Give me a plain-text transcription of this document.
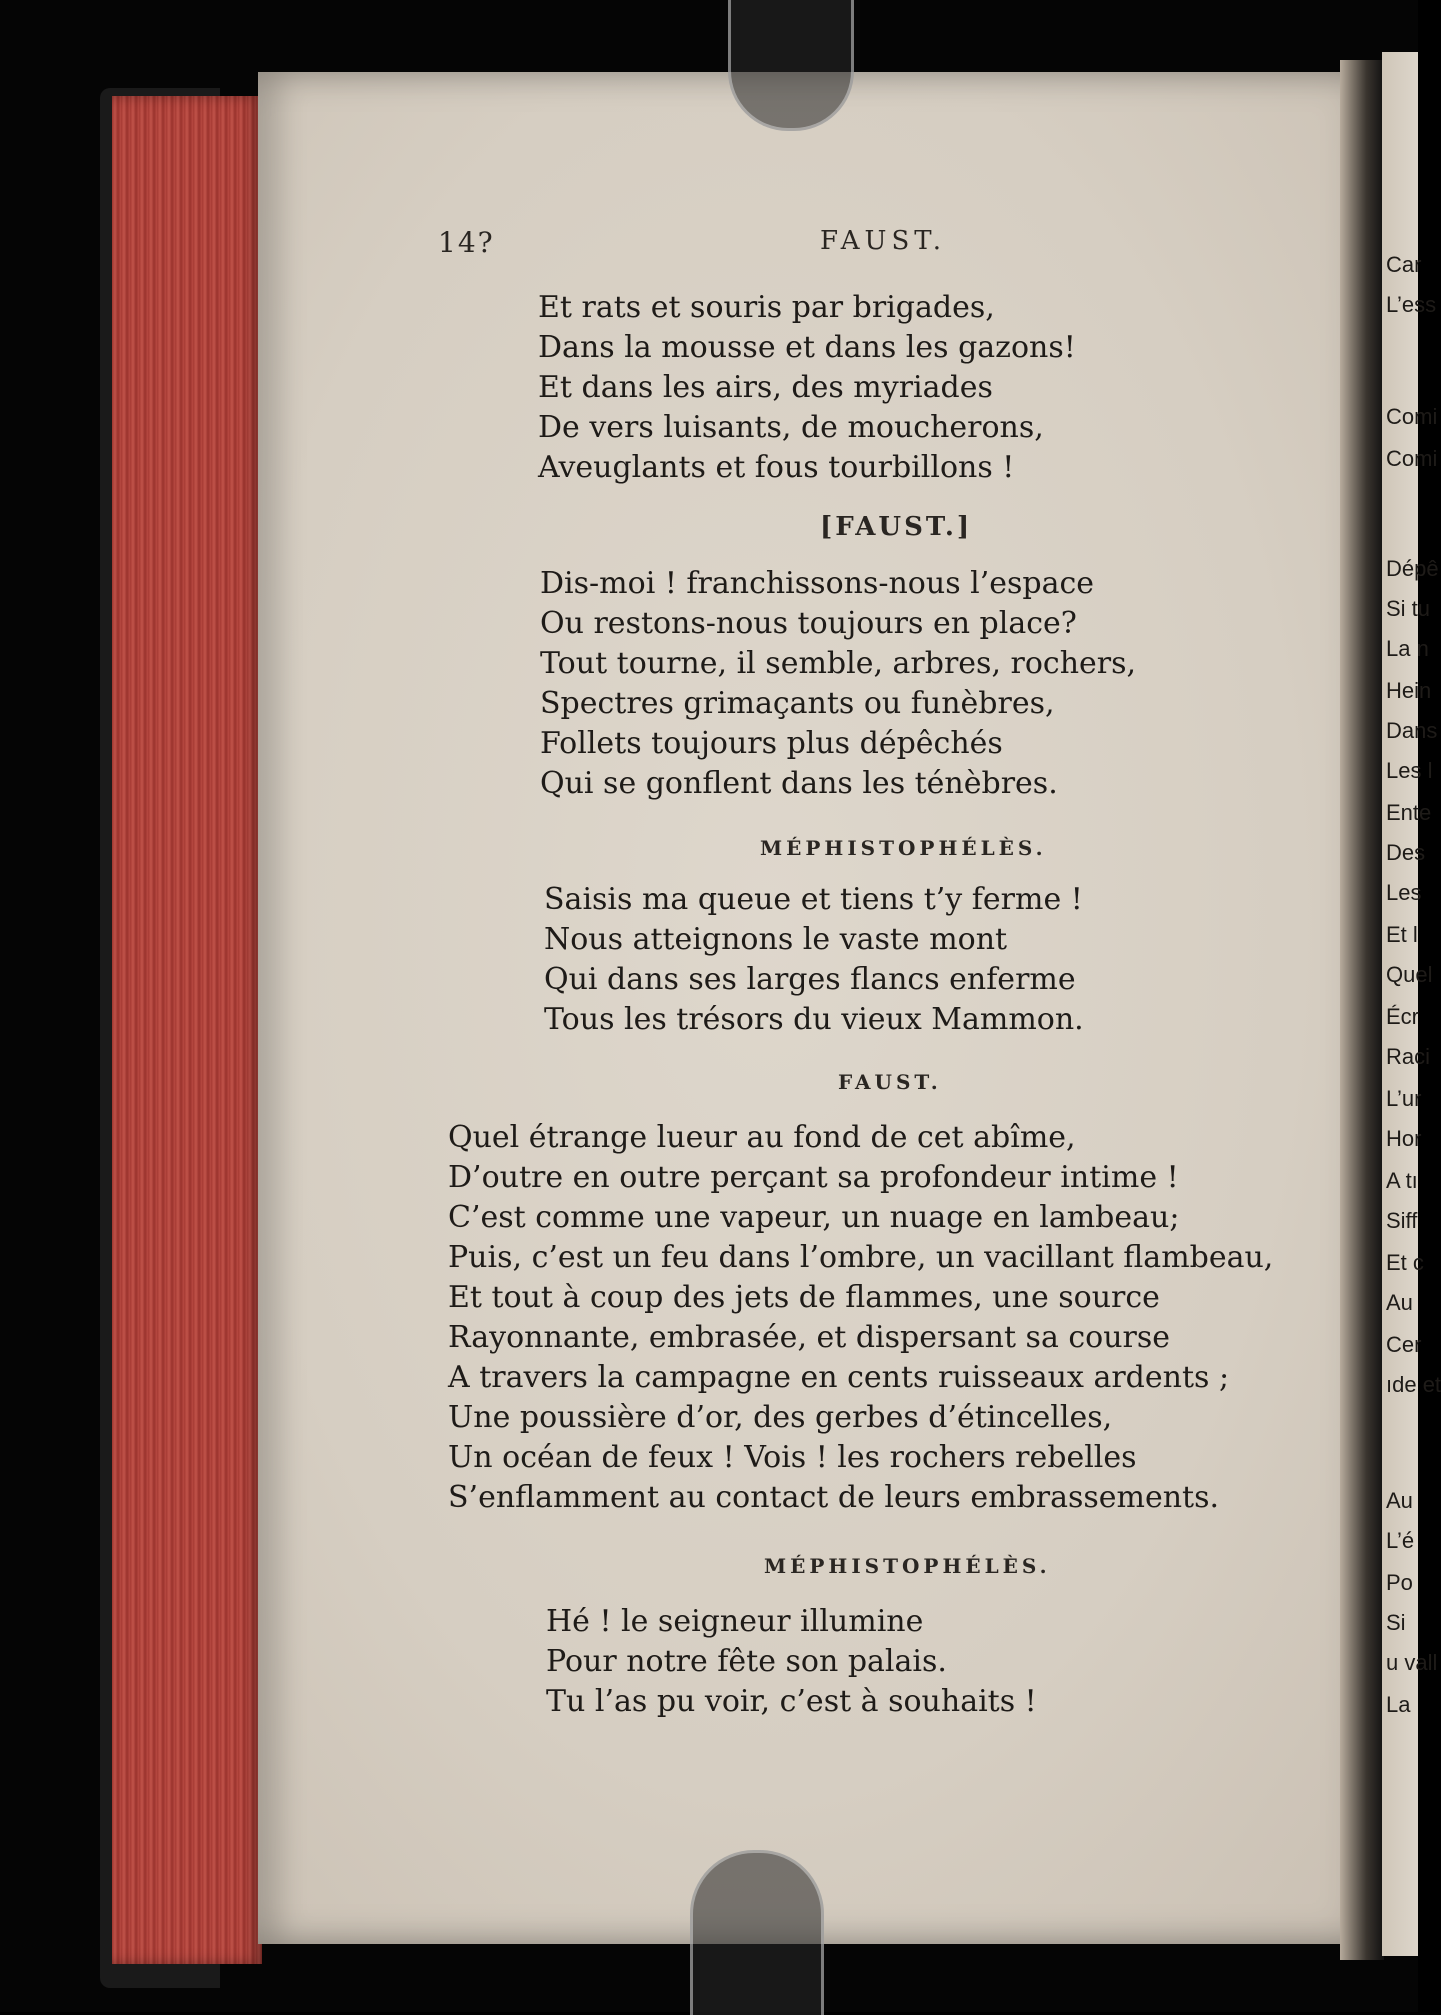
14?	FAUST.
Et rats et souris par brigades,
Dans la mousse et dans les gazons!
Et dans les airs, des myriades
De vers luisants, de moucherons,
Aveuglants et fous tourbillons !
[FAUST.]
Dis-moi ! franchissons-nous l’espace
Ou restons-nous toujours en place?
Tout tourne, il semble, arbres, rochers,
Spectres grimaçants ou funèbres,
Follets toujours plus dépêchés
Qui se gonflent dans les ténèbres.
MÉPHISTOPHÉLÈS.
Saisis ma queue et tiens t’y ferme !
Nous atteignons le vaste mont
Qui dans ses larges flancs enferme
Tous les trésors du vieux Mammon.
FAUST.
Quel étrange lueur au fond de cet abîme,
D’outre en outre perçant sa profondeur intime !
C’est comme une vapeur, un nuage en lambeau;
Puis, c’est un feu dans l’ombre, un vacillant flambeau,
Et tout à coup des jets de flammes, une source
Rayonnante, embrasée, et dispersant sa course
A travers la campagne en cents ruisseaux ardents ;
Une poussière d’or, des gerbes d’étincelles,
Un océan de feux ! Vois ! les rochers rebelles
S’enflamment au contact de leurs embrassements.
MÉPHISTOPHÉLÈS.
Hé ! le seigneur illumine
Pour notre fête son palais.
Tu l’as pu voir, c’est à souhaits !
Car
L’ess
Comi
Comi
Dépê
Si tu
La n
Hein
Dans
Les l
Ente
Des
Les
Et l
Quel
Écr
Raci
L’ur
Hor
A tı
Siff
Et c
Au
Cer
ıde et
Au
L’é
Po
Si
u vall
La
